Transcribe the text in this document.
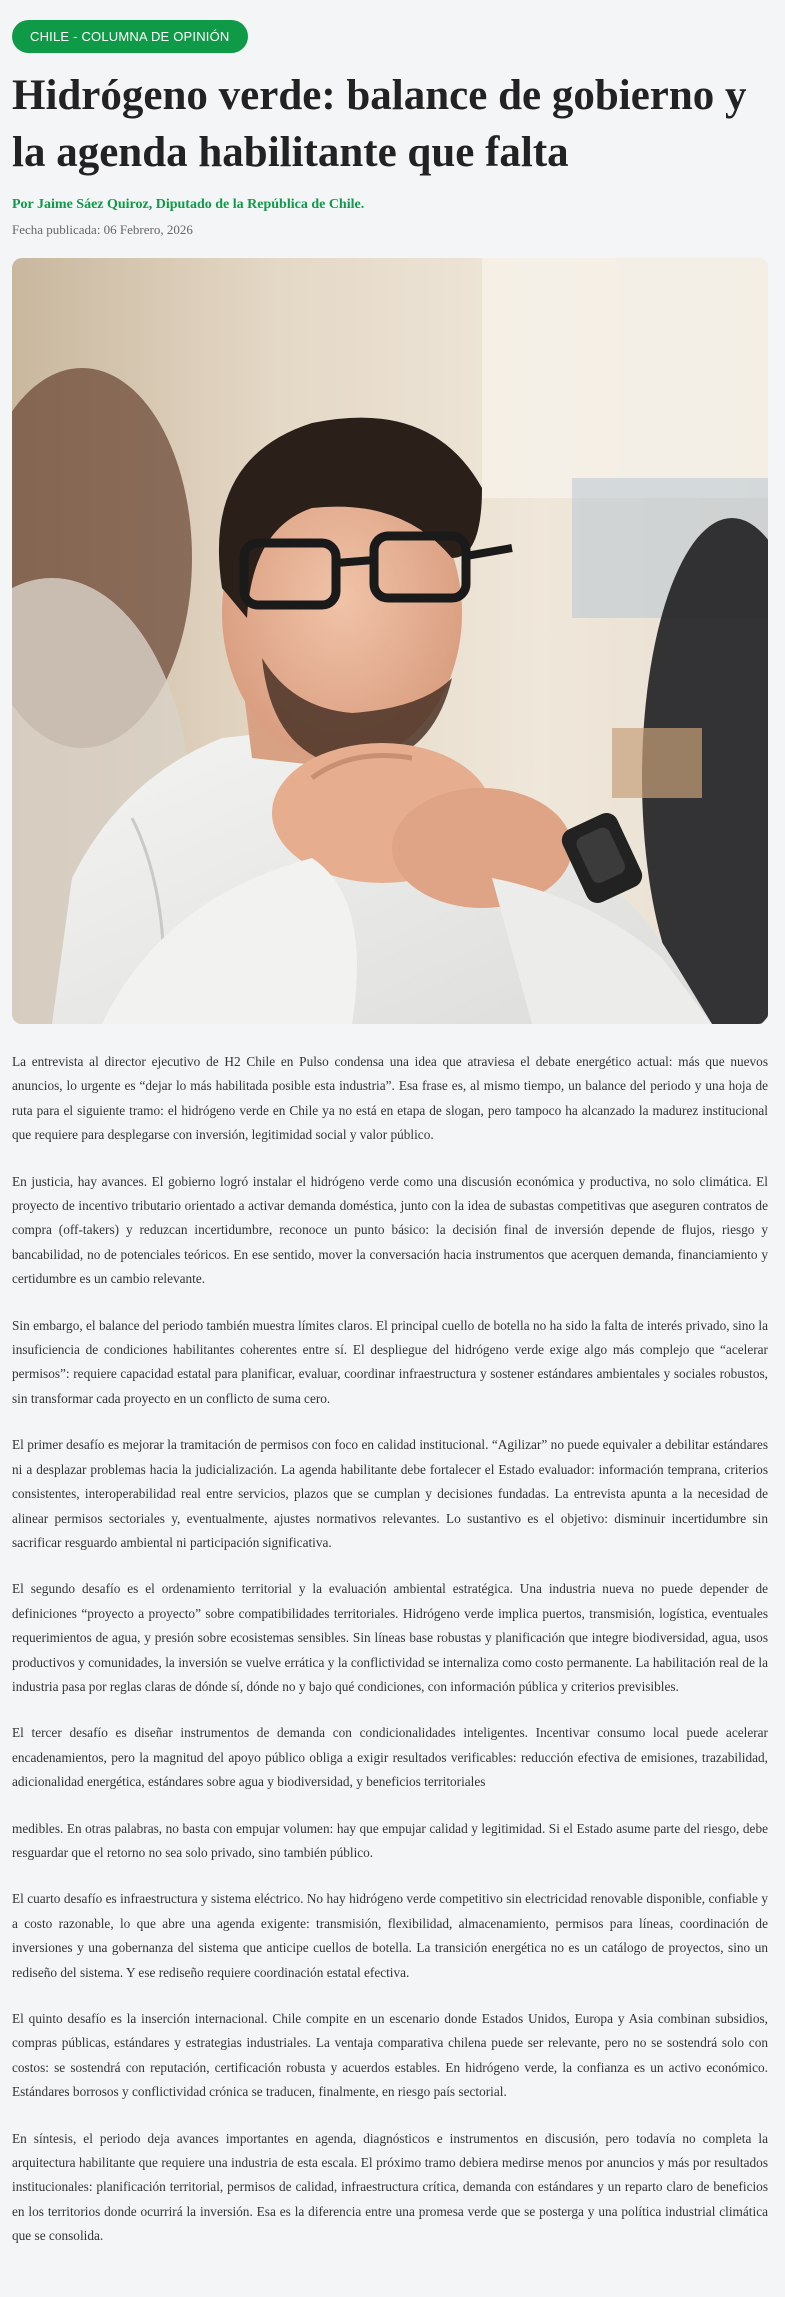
CHILE - COLUMNA DE OPINIÓN
Hidrógeno verde: balance de gobierno y la agenda habilitante que falta
Por Jaime Sáez Quiroz, Diputado de la República de Chile.
Fecha publicada: 06 Febrero, 2026

La entrevista al director ejecutivo de H2 Chile en Pulso condensa una idea que atraviesa el debate energético actual: más que nuevos anuncios, lo urgente es “dejar lo más habilitada posible esta industria”. Esa frase es, al mismo tiempo, un balance del periodo y una hoja de ruta para el siguiente tramo: el hidrógeno verde en Chile ya no está en etapa de slogan, pero tampoco ha alcanzado la madurez institucional que requiere para desplegarse con inversión, legitimidad social y valor público.

En justicia, hay avances. El gobierno logró instalar el hidrógeno verde como una discusión económica y productiva, no solo climática. El proyecto de incentivo tributario orientado a activar demanda doméstica, junto con la idea de subastas competitivas que aseguren contratos de compra (off-takers) y reduzcan incertidumbre, reconoce un punto básico: la decisión final de inversión depende de flujos, riesgo y bancabilidad, no de potenciales teóricos. En ese sentido, mover la conversación hacia instrumentos que acerquen demanda, financiamiento y certidumbre es un cambio relevante.

Sin embargo, el balance del periodo también muestra límites claros. El principal cuello de botella no ha sido la falta de interés privado, sino la insuficiencia de condiciones habilitantes coherentes entre sí. El despliegue del hidrógeno verde exige algo más complejo que “acelerar permisos”: requiere capacidad estatal para planificar, evaluar, coordinar infraestructura y sostener estándares ambientales y sociales robustos, sin transformar cada proyecto en un conflicto de suma cero.

El primer desafío es mejorar la tramitación de permisos con foco en calidad institucional. “Agilizar” no puede equivaler a debilitar estándares ni a desplazar problemas hacia la judicialización. La agenda habilitante debe fortalecer el Estado evaluador: información temprana, criterios consistentes, interoperabilidad real entre servicios, plazos que se cumplan y decisiones fundadas. La entrevista apunta a la necesidad de alinear permisos sectoriales y, eventualmente, ajustes normativos relevantes. Lo sustantivo es el objetivo: disminuir incertidumbre sin sacrificar resguardo ambiental ni participación significativa.

El segundo desafío es el ordenamiento territorial y la evaluación ambiental estratégica. Una industria nueva no puede depender de definiciones “proyecto a proyecto” sobre compatibilidades territoriales. Hidrógeno verde implica puertos, transmisión, logística, eventuales requerimientos de agua, y presión sobre ecosistemas sensibles. Sin líneas base robustas y planificación que integre biodiversidad, agua, usos productivos y comunidades, la inversión se vuelve errática y la conflictividad se internaliza como costo permanente. La habilitación real de la industria pasa por reglas claras de dónde sí, dónde no y bajo qué condiciones, con información pública y criterios previsibles.

El tercer desafío es diseñar instrumentos de demanda con condicionalidades inteligentes. Incentivar consumo local puede acelerar encadenamientos, pero la magnitud del apoyo público obliga a exigir resultados verificables: reducción efectiva de emisiones, trazabilidad, adicionalidad energética, estándares sobre agua y biodiversidad, y beneficios territoriales

medibles. En otras palabras, no basta con empujar volumen: hay que empujar calidad y legitimidad. Si el Estado asume parte del riesgo, debe resguardar que el retorno no sea solo privado, sino también público.

El cuarto desafío es infraestructura y sistema eléctrico. No hay hidrógeno verde competitivo sin electricidad renovable disponible, confiable y a costo razonable, lo que abre una agenda exigente: transmisión, flexibilidad, almacenamiento, permisos para líneas, coordinación de inversiones y una gobernanza del sistema que anticipe cuellos de botella. La transición energética no es un catálogo de proyectos, sino un rediseño del sistema. Y ese rediseño requiere coordinación estatal efectiva.

El quinto desafío es la inserción internacional. Chile compite en un escenario donde Estados Unidos, Europa y Asia combinan subsidios, compras públicas, estándares y estrategias industriales. La ventaja comparativa chilena puede ser relevante, pero no se sostendrá solo con costos: se sostendrá con reputación, certificación robusta y acuerdos estables. En hidrógeno verde, la confianza es un activo económico. Estándares borrosos y conflictividad crónica se traducen, finalmente, en riesgo país sectorial.

En síntesis, el periodo deja avances importantes en agenda, diagnósticos e instrumentos en discusión, pero todavía no completa la arquitectura habilitante que requiere una industria de esta escala. El próximo tramo debiera medirse menos por anuncios y más por resultados institucionales: planificación territorial, permisos de calidad, infraestructura crítica, demanda con estándares y un reparto claro de beneficios en los territorios donde ocurrirá la inversión. Esa es la diferencia entre una promesa verde que se posterga y una política industrial climática que se consolida.
